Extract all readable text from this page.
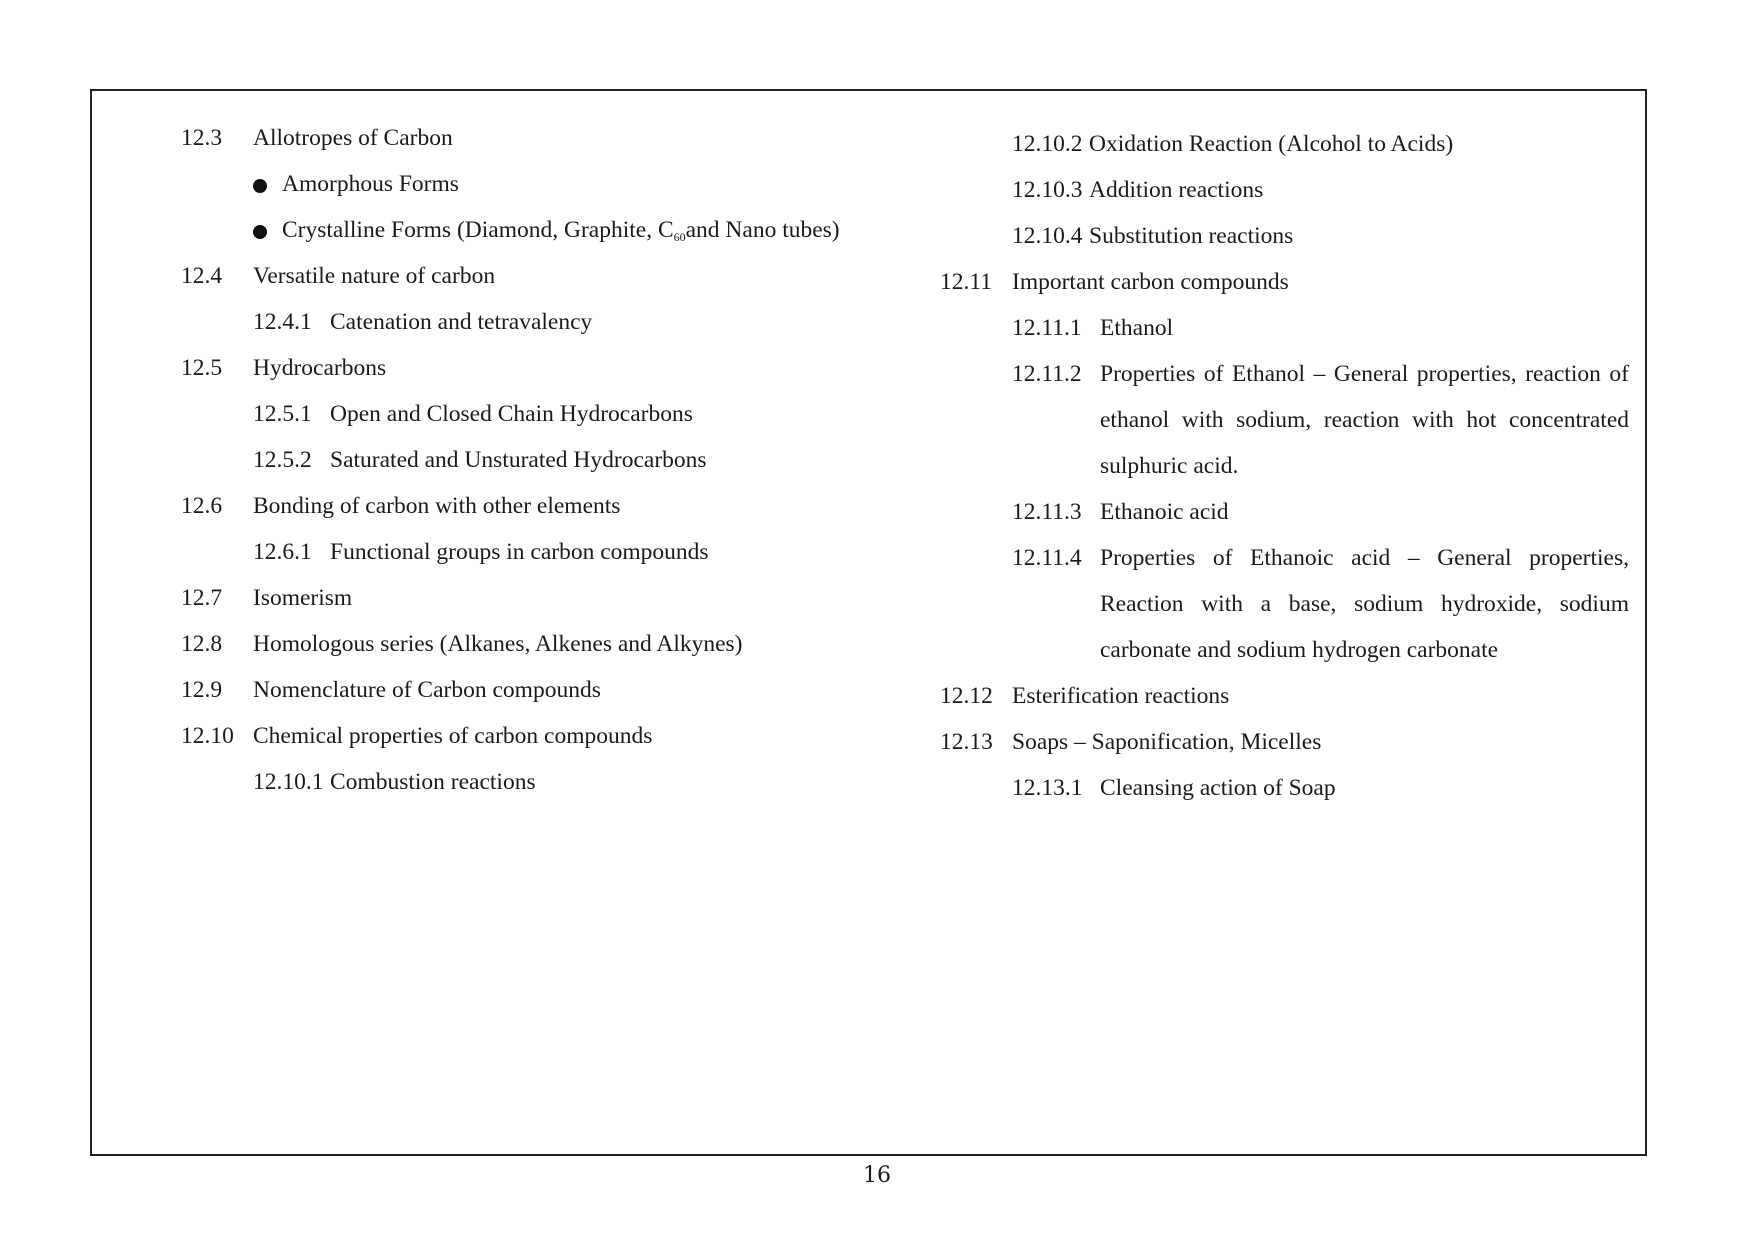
12.3 Allotropes of Carbon
Amorphous Forms
Crystalline Forms (Diamond, Graphite, $C_{60}and$ Nano tubes)
12.4 Versatile nature of carbon
12.4.1 Catenation and tetravalency
12.5 Hydrocarbons
12.5.1 Open and Closed Chain Hydrocarbons
12.5.2 Saturated and Unsturated Hydrocarbons
12.6 Bonding of carbon with other elements
12.6.1 Functional groups in carbon compounds
12.7 Isomerism
12.8 Homologous series (Alkanes, Alkenes and Alkynes)
12.9 Nomenclature of Carbon compounds
12.10 Chemical properties of carbon compounds
12.10.1 Combustion reactions
12.10.2 Oxidation Reaction (Alcohol to Acids)
12.10.3 Addition reactions
12.10.4 Substitution reactions
12.11 Important carbon compounds
12.11.1 Ethanol
12.11.2 Properties of Ethanol – General properties, reaction of
ethanol with sodium, reaction with hot concentrated
sulphuric acid.
12.11.3 Ethanoic acid
12.11.4 Properties of Ethanoic acid – General properties,
Reaction with a base, sodium hydroxide, sodium
carbonate and sodium hydrogen carbonate
12.12 Esterification reactions
12.13 Soaps – Saponification, Micelles
12.13.1 Cleansing action of Soap
16
